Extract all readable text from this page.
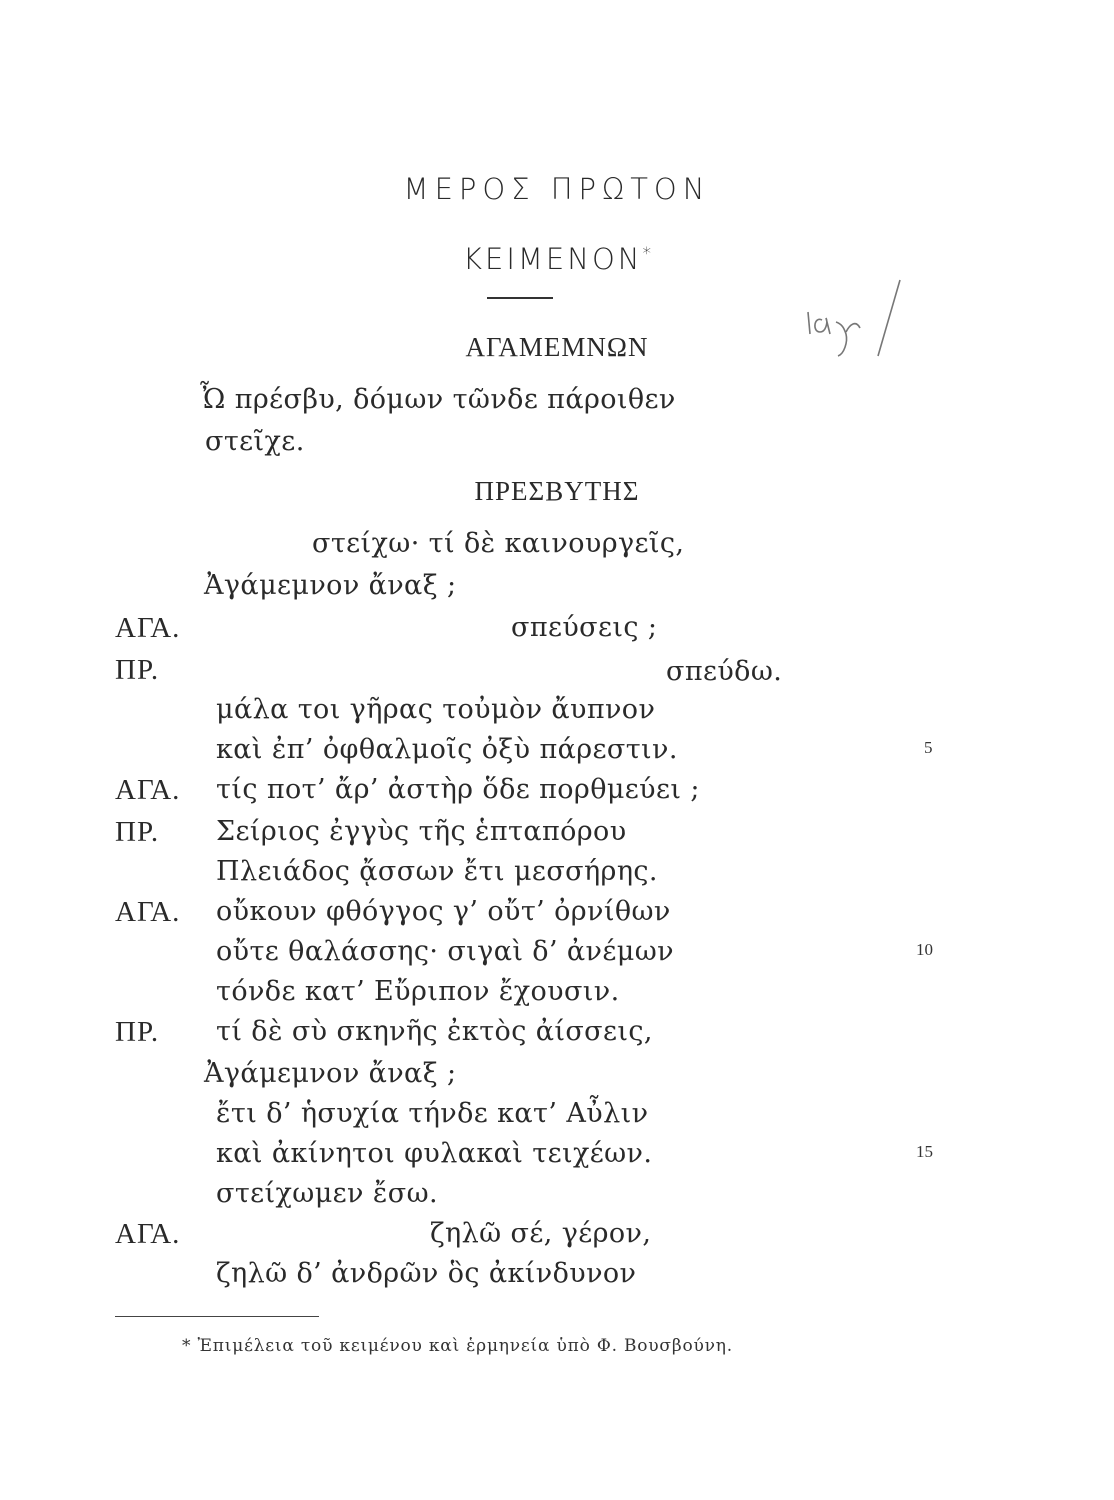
ΜΕΡΟΣ ΠΡΩΤΟΝ
ΚΕΙΜΕΝΟΝ*
ΑΓΑΜΕΜΝΩΝ
Ὦ πρέσβυ, δόμων τῶνδε πάροιθεν
στεῖχε.
ΠΡΕΣΒΥΤΗΣ
στείχω· τί δὲ καινουργεῖς,
Ἀγάμεμνον ἄναξ ;
ΑΓΑ.	σπεύσεις ;
ΠΡ.	σπεύδω.
μάλα τοι γῆρας τοὐμὸν ἄυπνον
καὶ ἐπ’ ὀφθαλμοῖς ὀξὺ πάρεστιν.	5
ΑΓΑ. τίς ποτ’ ἄρ’ ἀστὴρ ὅδε πορθμεύει ;
ΠΡ. Σείριος ἐγγὺς τῆς ἑπταπόρου
Πλειάδος ᾄσσων ἔτι μεσσήρης.
ΑΓΑ. οὔκουν φθόγγος γ’ οὔτ’ ὀρνίθων
οὔτε θαλάσσης· σιγαὶ δ’ ἀνέμων	10
τόνδε κατ’ Εὔριπον ἔχουσιν.
ΠΡ. τί δὲ σὺ σκηνῆς ἐκτὸς ἀίσσεις,
Ἀγάμεμνον ἄναξ ;
ἔτι δ’ ἡσυχία τήνδε κατ’ Αὖλιν
καὶ ἀκίνητοι φυλακαὶ τειχέων.	15
στείχωμεν ἔσω.
ΑΓΑ.	ζηλῶ σέ, γέρον,
ζηλῶ δ’ ἀνδρῶν ὃς ἀκίνδυνον
* Ἐπιμέλεια τοῦ κειμένου καὶ ἑρμηνεία ὑπὸ Φ. Βουσβούνη.
